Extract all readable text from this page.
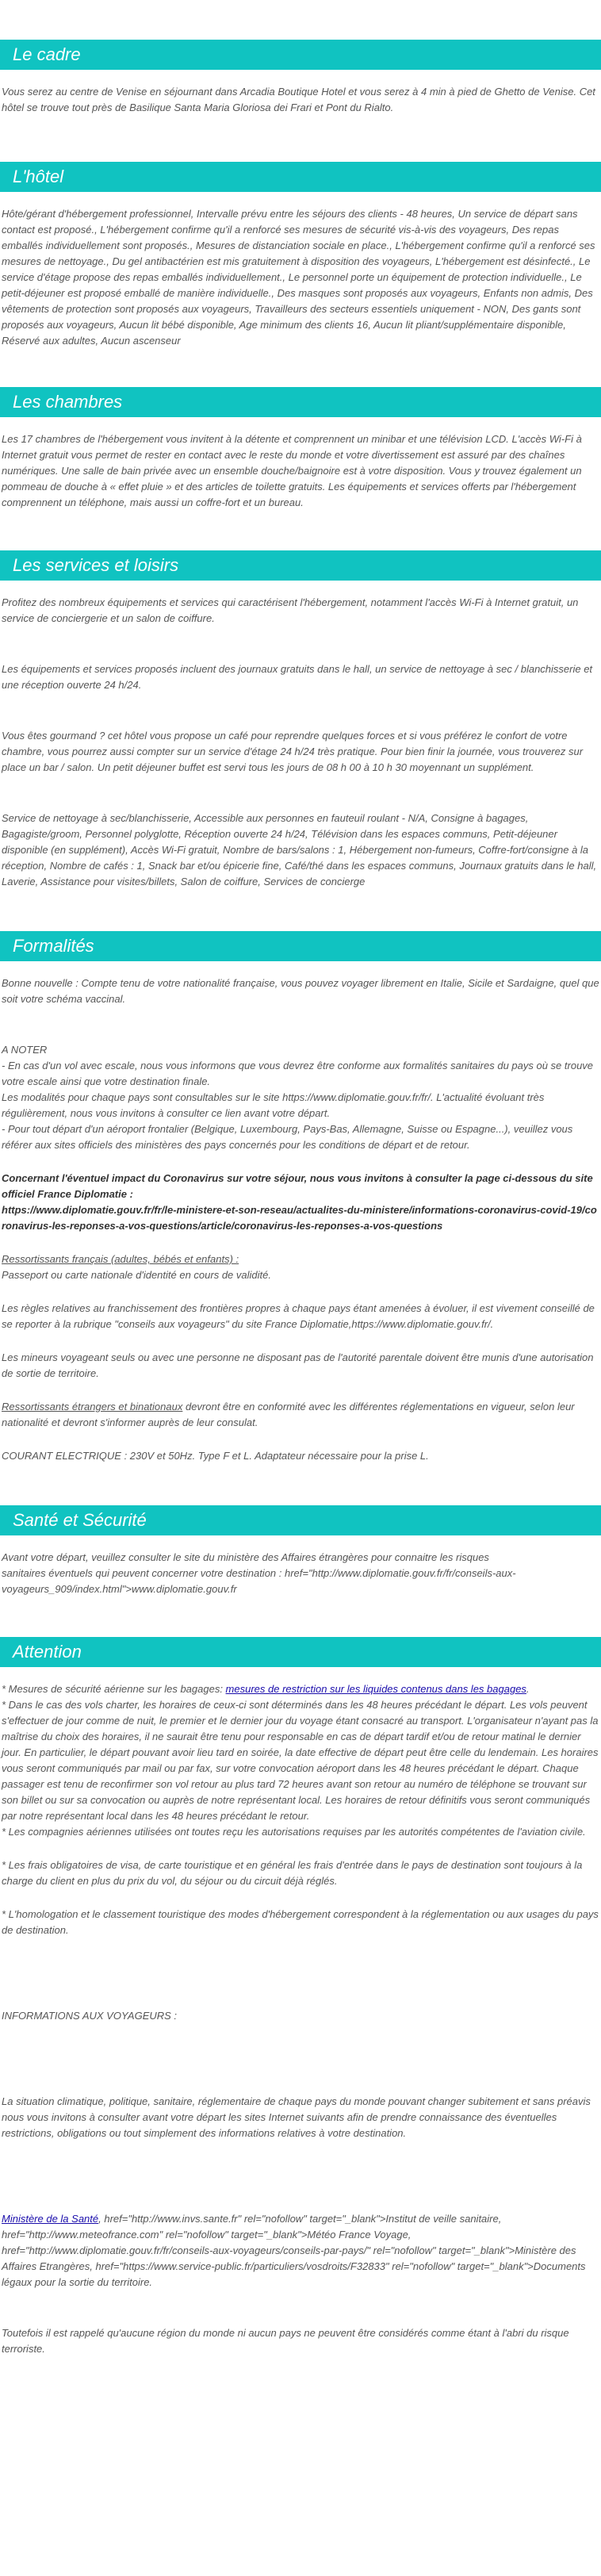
Le cadre

Vous serez au centre de Venise en séjournant dans Arcadia Boutique Hotel et vous serez à 4 min à pied de Ghetto de Venise. Cet hôtel se trouve tout près de Basilique Santa Maria Gloriosa dei Frari et Pont du Rialto.

L'hôtel

Hôte/gérant d'hébergement professionnel, Intervalle prévu entre les séjours des clients - 48 heures, Un service de départ sans contact est proposé., L'hébergement confirme qu'il a renforcé ses mesures de sécurité vis-à-vis des voyageurs, Des repas emballés individuellement sont proposés., Mesures de distanciation sociale en place., L'hébergement confirme qu'il a renforcé ses mesures de nettoyage., Du gel antibactérien est mis gratuitement à disposition des voyageurs, L'hébergement est désinfecté., Le service d'étage propose des repas emballés individuellement., Le personnel porte un équipement de protection individuelle., Le petit-déjeuner est proposé emballé de manière individuelle., Des masques sont proposés aux voyageurs, Enfants non admis, Des vêtements de protection sont proposés aux voyageurs, Travailleurs des secteurs essentiels uniquement - NON, Des gants sont proposés aux voyageurs, Aucun lit bébé disponible, Age minimum des clients 16, Aucun lit pliant/supplémentaire disponible, Réservé aux adultes, Aucun ascenseur

Les chambres

Les 17 chambres de l'hébergement vous invitent à la détente et comprennent un minibar et une télévision LCD. L'accès Wi-Fi à Internet gratuit vous permet de rester en contact avec le reste du monde et votre divertissement est assuré par des chaînes numériques. Une salle de bain privée avec un ensemble douche/baignoire est à votre disposition. Vous y trouvez également un pommeau de douche à « effet pluie » et des articles de toilette gratuits. Les équipements et services offerts par l'hébergement comprennent un téléphone, mais aussi un coffre-fort et un bureau.

Les services et loisirs

Profitez des nombreux équipements et services qui caractérisent l'hébergement, notamment l'accès Wi-Fi à Internet gratuit, un service de conciergerie et un salon de coiffure.

Les équipements et services proposés incluent des journaux gratuits dans le hall, un service de nettoyage à sec / blanchisserie et une réception ouverte 24 h/24.

Vous êtes gourmand ? cet hôtel vous propose un café pour reprendre quelques forces et si vous préférez le confort de votre chambre, vous pourrez aussi compter sur un service d'étage 24 h/24 très pratique. Pour bien finir la journée, vous trouverez sur place un bar / salon. Un petit déjeuner buffet est servi tous les jours de 08 h 00 à 10 h 30 moyennant un supplément.

Service de nettoyage à sec/blanchisserie, Accessible aux personnes en fauteuil roulant - N/A, Consigne à bagages, Bagagiste/groom, Personnel polyglotte, Réception ouverte 24 h/24, Télévision dans les espaces communs, Petit-déjeuner disponible (en supplément), Accès Wi-Fi gratuit, Nombre de bars/salons : 1, Hébergement non-fumeurs, Coffre-fort/consigne à la réception, Nombre de cafés : 1, Snack bar et/ou épicerie fine, Café/thé dans les espaces communs, Journaux gratuits dans le hall, Laverie, Assistance pour visites/billets, Salon de coiffure, Services de concierge

Formalités

Bonne nouvelle : Compte tenu de votre nationalité française, vous pouvez voyager librement en Italie, Sicile et Sardaigne, quel que soit votre schéma vaccinal.

A NOTER

- En cas d'un vol avec escale, nous vous informons que vous devrez être conforme aux formalités sanitaires du pays où se trouve votre escale ainsi que votre destination finale.

Les modalités pour chaque pays sont consultables sur le site https://www.diplomatie.gouv.fr/fr/. L'actualité évoluant très régulièrement, nous vous invitons à consulter ce lien avant votre départ.

- Pour tout départ d'un aéroport frontalier (Belgique, Luxembourg, Pays-Bas, Allemagne, Suisse ou Espagne...), veuillez vous référer aux sites officiels des ministères des pays concernés pour les conditions de départ et de retour.

Concernant l'éventuel impact du Coronavirus sur votre séjour, nous vous invitons à consulter la page ci-dessous du site officiel France Diplomatie :

https://www.diplomatie.gouv.fr/fr/le-ministere-et-son-reseau/actualites-du-ministere/informations-coronavirus-covid-19/coronavirus-les-reponses-a-vos-questions/article/coronavirus-les-reponses-a-vos-questions

Ressortissants français (adultes, bébés et enfants) :

Passeport ou carte nationale d'identité en cours de validité.

Les règles relatives au franchissement des frontières propres à chaque pays étant amenées à évoluer, il est vivement conseillé de se reporter à la rubrique "conseils aux voyageurs" du site France Diplomatie,https://www.diplomatie.gouv.fr/.

Les mineurs voyageant seuls ou avec une personne ne disposant pas de l'autorité parentale doivent être munis d'une autorisation de sortie de territoire.

Ressortissants étrangers et binationaux devront être en conformité avec les différentes réglementations en vigueur, selon leur nationalité et devront s'informer auprès de leur consulat.

COURANT ELECTRIQUE : 230V et 50Hz. Type F et L. Adaptateur nécessaire pour la prise L.

Santé et Sécurité

Avant votre départ, veuillez consulter le site du ministère des Affaires étrangères pour connaitre les risques sanitaires éventuels qui peuvent concerner votre destination : href="http://www.diplomatie.gouv.fr/fr/conseils-aux-voyageurs_909/index.html">www.diplomatie.gouv.fr

Attention

* Mesures de sécurité aérienne sur les bagages: mesures de restriction sur les liquides contenus dans les bagages.

* Dans le cas des vols charter, les horaires de ceux-ci sont déterminés dans les 48 heures précédant le départ. Les vols peuvent s'effectuer de jour comme de nuit, le premier et le dernier jour du voyage étant consacré au transport. L'organisateur n'ayant pas la maîtrise du choix des horaires, il ne saurait être tenu pour responsable en cas de départ tardif et/ou de retour matinal le dernier jour. En particulier, le départ pouvant avoir lieu tard en soirée, la date effective de départ peut être celle du lendemain. Les horaires vous seront communiqués par mail ou par fax, sur votre convocation aéroport dans les 48 heures précédant le départ. Chaque passager est tenu de reconfirmer son vol retour au plus tard 72 heures avant son retour au numéro de téléphone se trouvant sur son billet ou sur sa convocation ou auprès de notre représentant local. Les horaires de retour définitifs vous seront communiqués par notre représentant local dans les 48 heures précédant le retour.

* Les compagnies aériennes utilisées ont toutes reçu les autorisations requises par les autorités compétentes de l'aviation civile.

* Les frais obligatoires de visa, de carte touristique et en général les frais d'entrée dans le pays de destination sont toujours à la charge du client en plus du prix du vol, du séjour ou du circuit déjà réglés.

* L'homologation et le classement touristique des modes d'hébergement correspondent à la réglementation ou aux usages du pays de destination.

INFORMATIONS AUX VOYAGEURS :

La situation climatique, politique, sanitaire, réglementaire de chaque pays du monde pouvant changer subitement et sans préavis

nous vous invitons à consulter avant votre départ les sites Internet suivants afin de prendre connaissance des éventuelles restrictions, obligations ou tout simplement des informations relatives à votre destination.

Ministère de la Santé, href="http://www.invs.sante.fr" rel="nofollow" target="_blank">Institut de veille sanitaire, href="http://www.meteofrance.com" rel="nofollow" target="_blank">Météo France Voyage, href="http://www.diplomatie.gouv.fr/fr/conseils-aux-voyageurs/conseils-par-pays/" rel="nofollow" target="_blank">Ministère des Affaires Etrangères, href="https://www.service-public.fr/particuliers/vosdroits/F32833" rel="nofollow" target="_blank">Documents légaux pour la sortie du territoire.

Toutefois il est rappelé qu'aucune région du monde ni aucun pays ne peuvent être considérés comme étant à l'abri du risque terroriste.
